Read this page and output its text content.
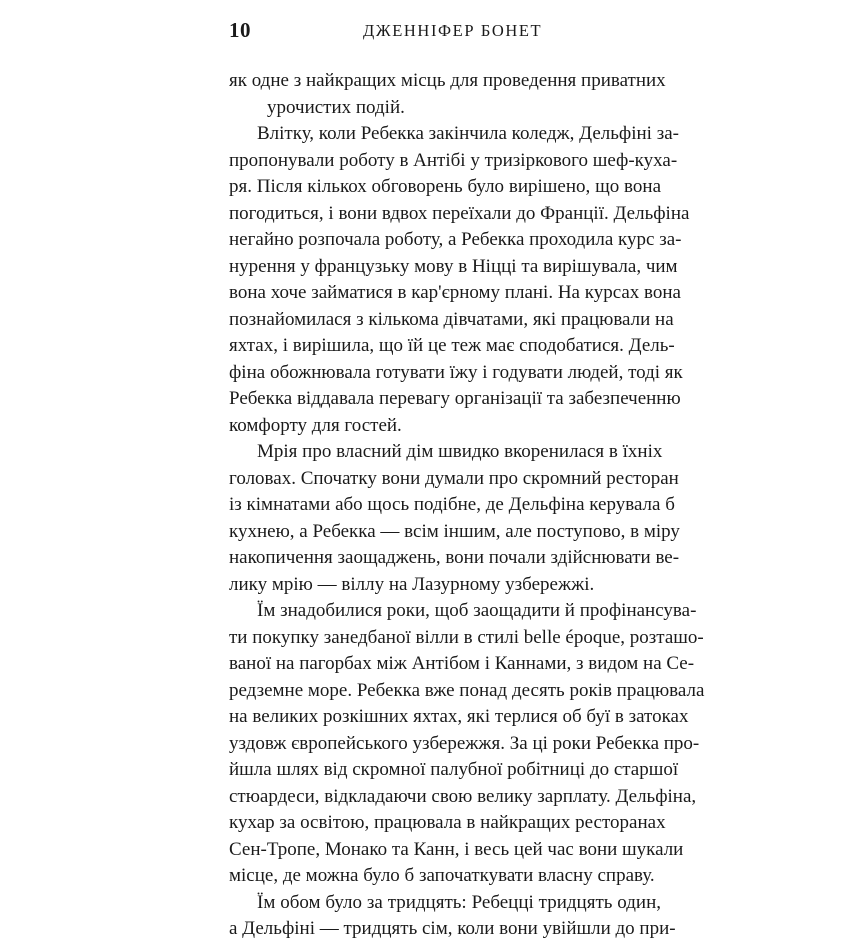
10	ДЖЕННІФЕР БОНЕТ
як одне з найкращих місць для проведення приватних
урочистих подій.
Влітку, коли Ребекка закінчила коледж, Дельфіні за-
пропонували роботу в Антібі у тризіркового шеф-куха-
ря. Після кількох обговорень було вирішено, що вона
погодиться, і вони вдвох переїхали до Франції. Дельфіна
негайно розпочала роботу, а Ребекка проходила курс за-
нурення у французьку мову в Ніцці та вирішувала, чим
вона хоче займатися в кар'єрному плані. На курсах вона
познайомилася з кількома дівчатами, які працювали на
яхтах, і вирішила, що їй це теж має сподобатися. Дель-
фіна обожнювала готувати їжу і годувати людей, тоді як
Ребекка віддавала перевагу організації та забезпеченню
комфорту для гостей.
Мрія про власний дім швидко вкоренилася в їхніх
головах. Спочатку вони думали про скромний ресторан
із кімнатами або щось подібне, де Дельфіна керувала б
кухнею, а Ребекка — всім іншим, але поступово, в міру
накопичення заощаджень, вони почали здійснювати ве-
лику мрію — віллу на Лазурному узбережжі.
Їм знадобилися роки, щоб заощадити й профінансува-
ти покупку занедбаної вілли в стилі belle époque, розташо-
ваної на пагорбах між Антібом і Каннами, з видом на Се-
редземне море. Ребекка вже понад десять років працювала
на великих розкішних яхтах, які терлися об буї в затоках
уздовж європейського узбережжя. За ці роки Ребекка про-
йшла шлях від скромної палубної робітниці до старшої
стюардеси, відкладаючи свою велику зарплату. Дельфіна,
кухар за освітою, працювала в найкращих ресторанах
Сен-Тропе, Монако та Канн, і весь цей час вони шукали
місце, де можна було б започаткувати власну справу.
Їм обом було за тридцять: Ребецці тридцять один,
а Дельфіні — тридцять сім, коли вони увійшли до при-
